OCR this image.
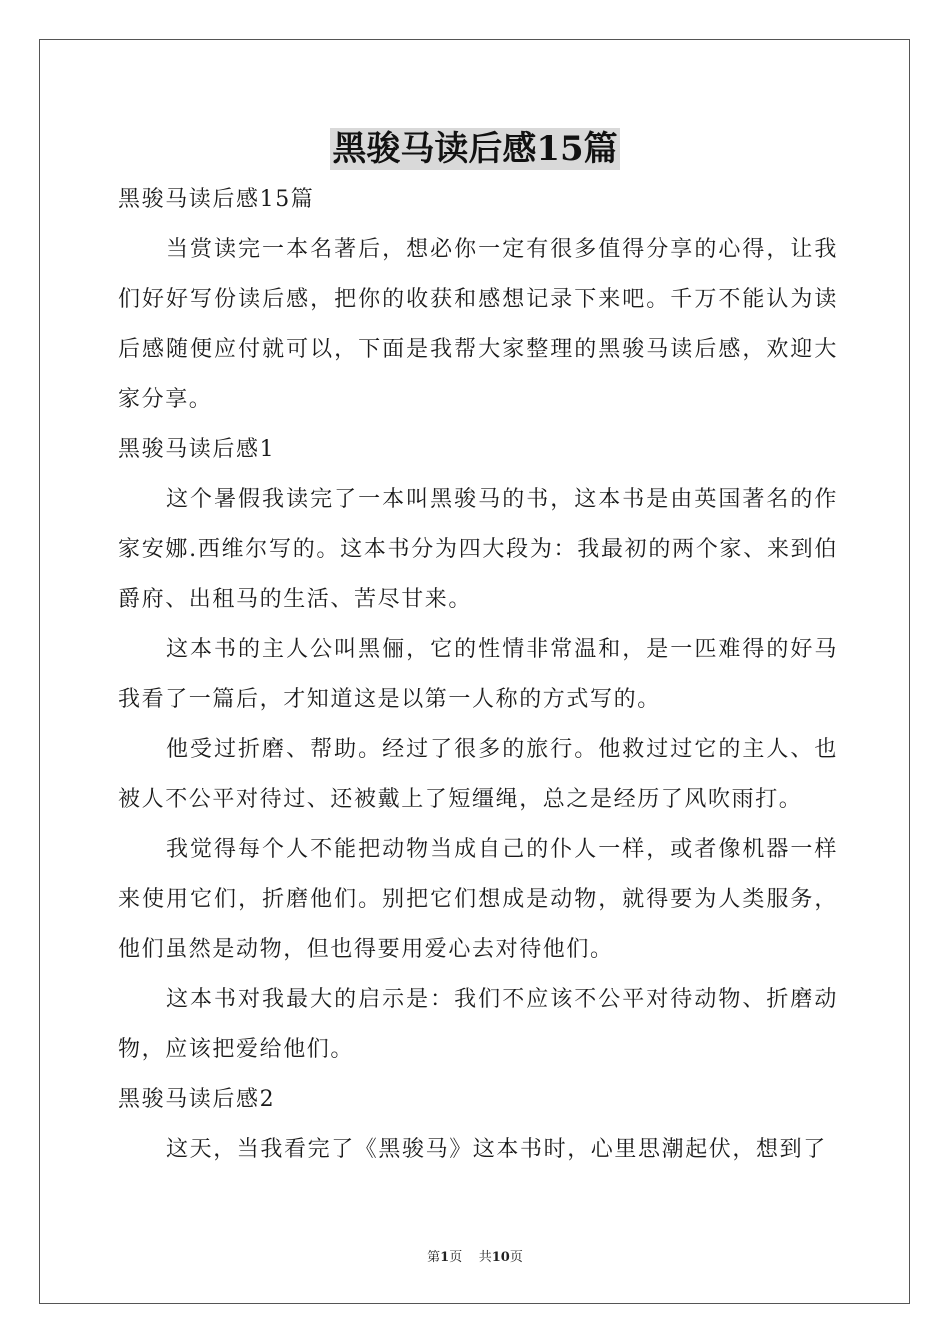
黑骏马读后感15篇

黑骏马读后感15篇

当赏读完一本名著后，想必你一定有很多值得分享的心得，让我们好好写份读后感，把你的收获和感想记录下来吧。千万不能认为读后感随便应付就可以，下面是我帮大家整理的黑骏马读后感，欢迎大家分享。

黑骏马读后感1

这个暑假我读完了一本叫黑骏马的书，这本书是由英国著名的作家安娜.西维尔写的。这本书分为四大段为：我最初的两个家、来到伯爵府、出租马的生活、苦尽甘来。

这本书的主人公叫黑俪，它的性情非常温和，是一匹难得的好马我看了一篇后，才知道这是以第一人称的方式写的。

他受过折磨、帮助。经过了很多的旅行。他救过过它的主人、也被人不公平对待过、还被戴上了短缰绳，总之是经历了风吹雨打。

我觉得每个人不能把动物当成自己的仆人一样，或者像机器一样来使用它们，折磨他们。别把它们想成是动物，就得要为人类服务，他们虽然是动物，但也得要用爱心去对待他们。

这本书对我最大的启示是：我们不应该不公平对待动物、折磨动物，应该把爱给他们。

黑骏马读后感2

这天，当我看完了《黑骏马》这本书时，心里思潮起伏，想到了

第1页 共10页
